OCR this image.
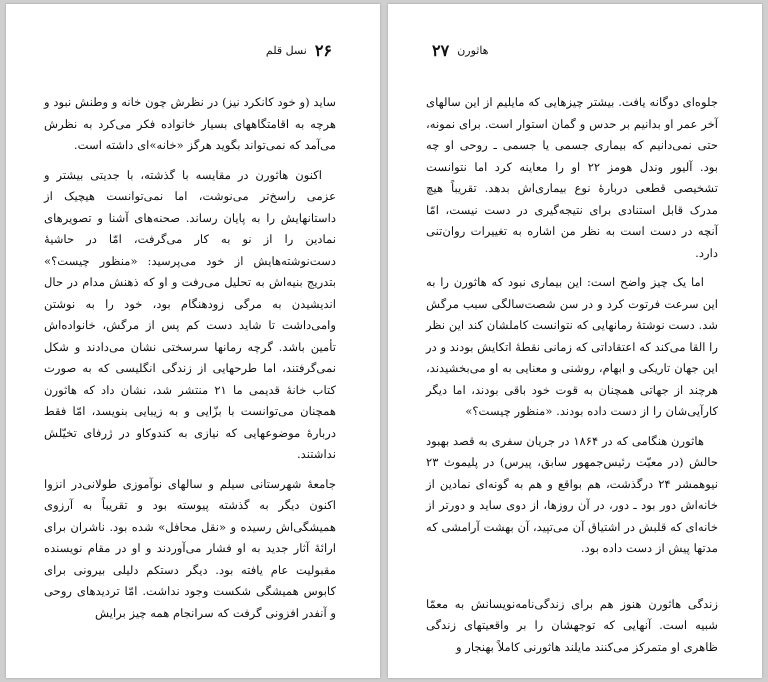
۲۶
نسل قلم

ساید (و خود کانکرد نیز) در نظرش چون خانه و وطنش نبود و هرچه به اقامتگاههای بسیار خانواده فکر می‌کرد به نظرش می‌آمد که نمی‌تواند بگوید هرگز «خانه»ای داشته است.

اکنون هاثورن در مقایسه با گذشته، با جدیتی بیشتر و عزمی راسخ‌تر می‌نوشت، اما نمی‌توانست هیچیک از داستانهایش را به پایان رساند. صحنه‌های آشنا و تصویرهای نمادین را از نو به کار می‌گرفت، امّا در حاشیهٔ دست‌نوشته‌هایش از خود می‌پرسید: «منظور چیست؟» بتدریج بنیه‌اش به تحلیل می‌رفت و او که ذهنش مدام در حال اندیشیدن به مرگی زودهنگام بود، خود را به نوشتن وامی‌داشت تا شاید دست کم پس از مرگش، خانواده‌اش تأمین باشد. گرچه رمانها سرسختی نشان می‌دادند و شکل نمی‌گرفتند، اما طرحهایی از زندگی انگلیسی که به صورت کتاب خانهٔ قدیمی ما ۲۱ منتشر شد، نشان داد که هاثورن همچنان می‌توانست با بزّایی و به زیبایی بنویسد، امّا فقط دربارهٔ موضوعهایی که نیازی به کندوکاو در ژرفای تخیّلش نداشتند.

جامعهٔ شهرستانی سیلم و سالهای نوآموزی طولانی‌در انزوا اکنون دیگر به گذشته پیوسته بود و تقریباً به آرزوی همیشگی‌اش رسیده و «نقل محافل» شده بود. ناشران برای ارائهٔ آثار جدید به او فشار می‌آوردند و او در مقام نویسنده مقبولیت عام یافته بود. دیگر دستکم دلیلی بیرونی برای کابوس همیشگی شکست وجود نداشت. امّا تردیدهای روحی و آنفدر افزونی گرفت که سرانجام همه چیز برایش

هاثورن
۲۷

جلوه‌ای دوگانه یافت. بیشتر چیزهایی که مایلیم از این سالهای آخر عمر او بدانیم بر حدس و گمان استوار است. برای نمونه، حتی نمی‌دانیم که بیماری جسمی یا جسمی ـ روحی او چه بود. آلیور وندل هومز ۲۲ او را معاینه کرد اما نتوانست تشخیصی قطعی دربارهٔ نوع بیماری‌اش بدهد. تقریباً هیچ مدرک قابل استنادی برای نتیجه‌گیری در دست نیست، امّا آنچه در دست است به نظر من اشاره به تغییرات روان‌تنی دارد.

اما یک چیز واضح است: این بیماری نبود که هاثورن را به این سرعت فرتوت کرد و در سن شصت‌سالگی سبب مرگش شد. دست نوشتهٔ رمانهایی که نتوانست کاملشان کند این نظر را القا می‌کند که اعتقاداتی که زمانی نقطهٔ اتکایش بودند و در این جهان تاریکی و ابهام، روشنی و معنایی به او می‌بخشیدند، هرچند از جهاتی همچنان به قوت خود باقی بودند، اما دیگر کارآیی‌شان را از دست داده بودند. «منظور چیست؟»

هاثورن هنگامی که در ۱۸۶۴ در جریان سفری به قصد بهبود حالش (در معیّت رئیس‌جمهور سابق، پیرس) در پلیموث ۲۳ نیوهمشر ۲۴ درگذشت، هم بواقع و هم به گونه‌ای نمادین از خانه‌اش دور بود ـ دور، در آن روزها، از دوی ساید و دورتر از خانه‌ای که قلبش در اشتیاق آن می‌تپید، آن بهشت آرامشی که مدتها پیش از دست داده بود.

زندگی هاثورن هنوز هم برای زندگی‌نامه‌نویسانش به معمّا شبیه است. آنهایی که توجهشان را بر واقعیتهای زندگی ظاهری او متمرکز می‌کنند مایلند هاثورنی کاملاً بهنجار و
